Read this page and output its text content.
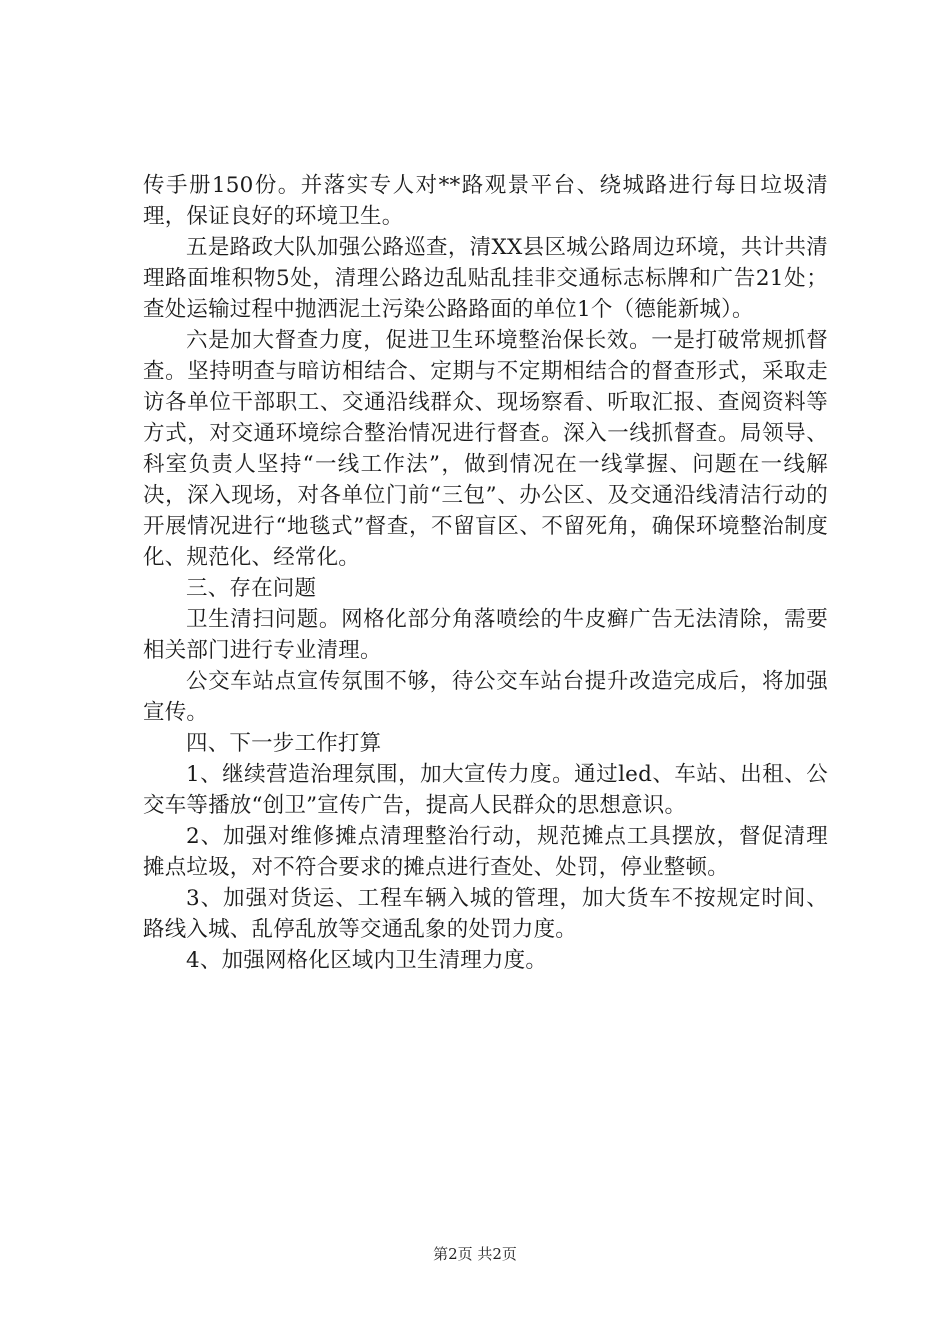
传手册150份。并落实专人对**路观景平台、绕城路进行每日垃圾清理，保证良好的环境卫生。

五是路政大队加强公路巡查，清XX县区城公路周边环境，共计共清理路面堆积物5处，清理公路边乱贴乱挂非交通标志标牌和广告21处；查处运输过程中抛洒泥土污染公路路面的单位1个（德能新城）。

六是加大督查力度，促进卫生环境整治保长效。一是打破常规抓督查。坚持明查与暗访相结合、定期与不定期相结合的督查形式，采取走访各单位干部职工、交通沿线群众、现场察看、听取汇报、查阅资料等方式，对交通环境综合整治情况进行督查。深入一线抓督查。局领导、科室负责人坚持“一线工作法”，做到情况在一线掌握、问题在一线解决，深入现场，对各单位门前“三包”、办公区、及交通沿线清洁行动的开展情况进行“地毯式”督查，不留盲区、不留死角，确保环境整治制度化、规范化、经常化。

三、存在问题

卫生清扫问题。网格化部分角落喷绘的牛皮癣广告无法清除，需要相关部门进行专业清理。

公交车站点宣传氛围不够，待公交车站台提升改造完成后，将加强宣传。

四、下一步工作打算

1、继续营造治理氛围，加大宣传力度。通过led、车站、出租、公交车等播放“创卫”宣传广告，提高人民群众的思想意识。

2、加强对维修摊点清理整治行动，规范摊点工具摆放，督促清理摊点垃圾，对不符合要求的摊点进行查处、处罚，停业整顿。

3、加强对货运、工程车辆入城的管理，加大货车不按规定时间、路线入城、乱停乱放等交通乱象的处罚力度。

4、加强网格化区域内卫生清理力度。

第2页 共2页
